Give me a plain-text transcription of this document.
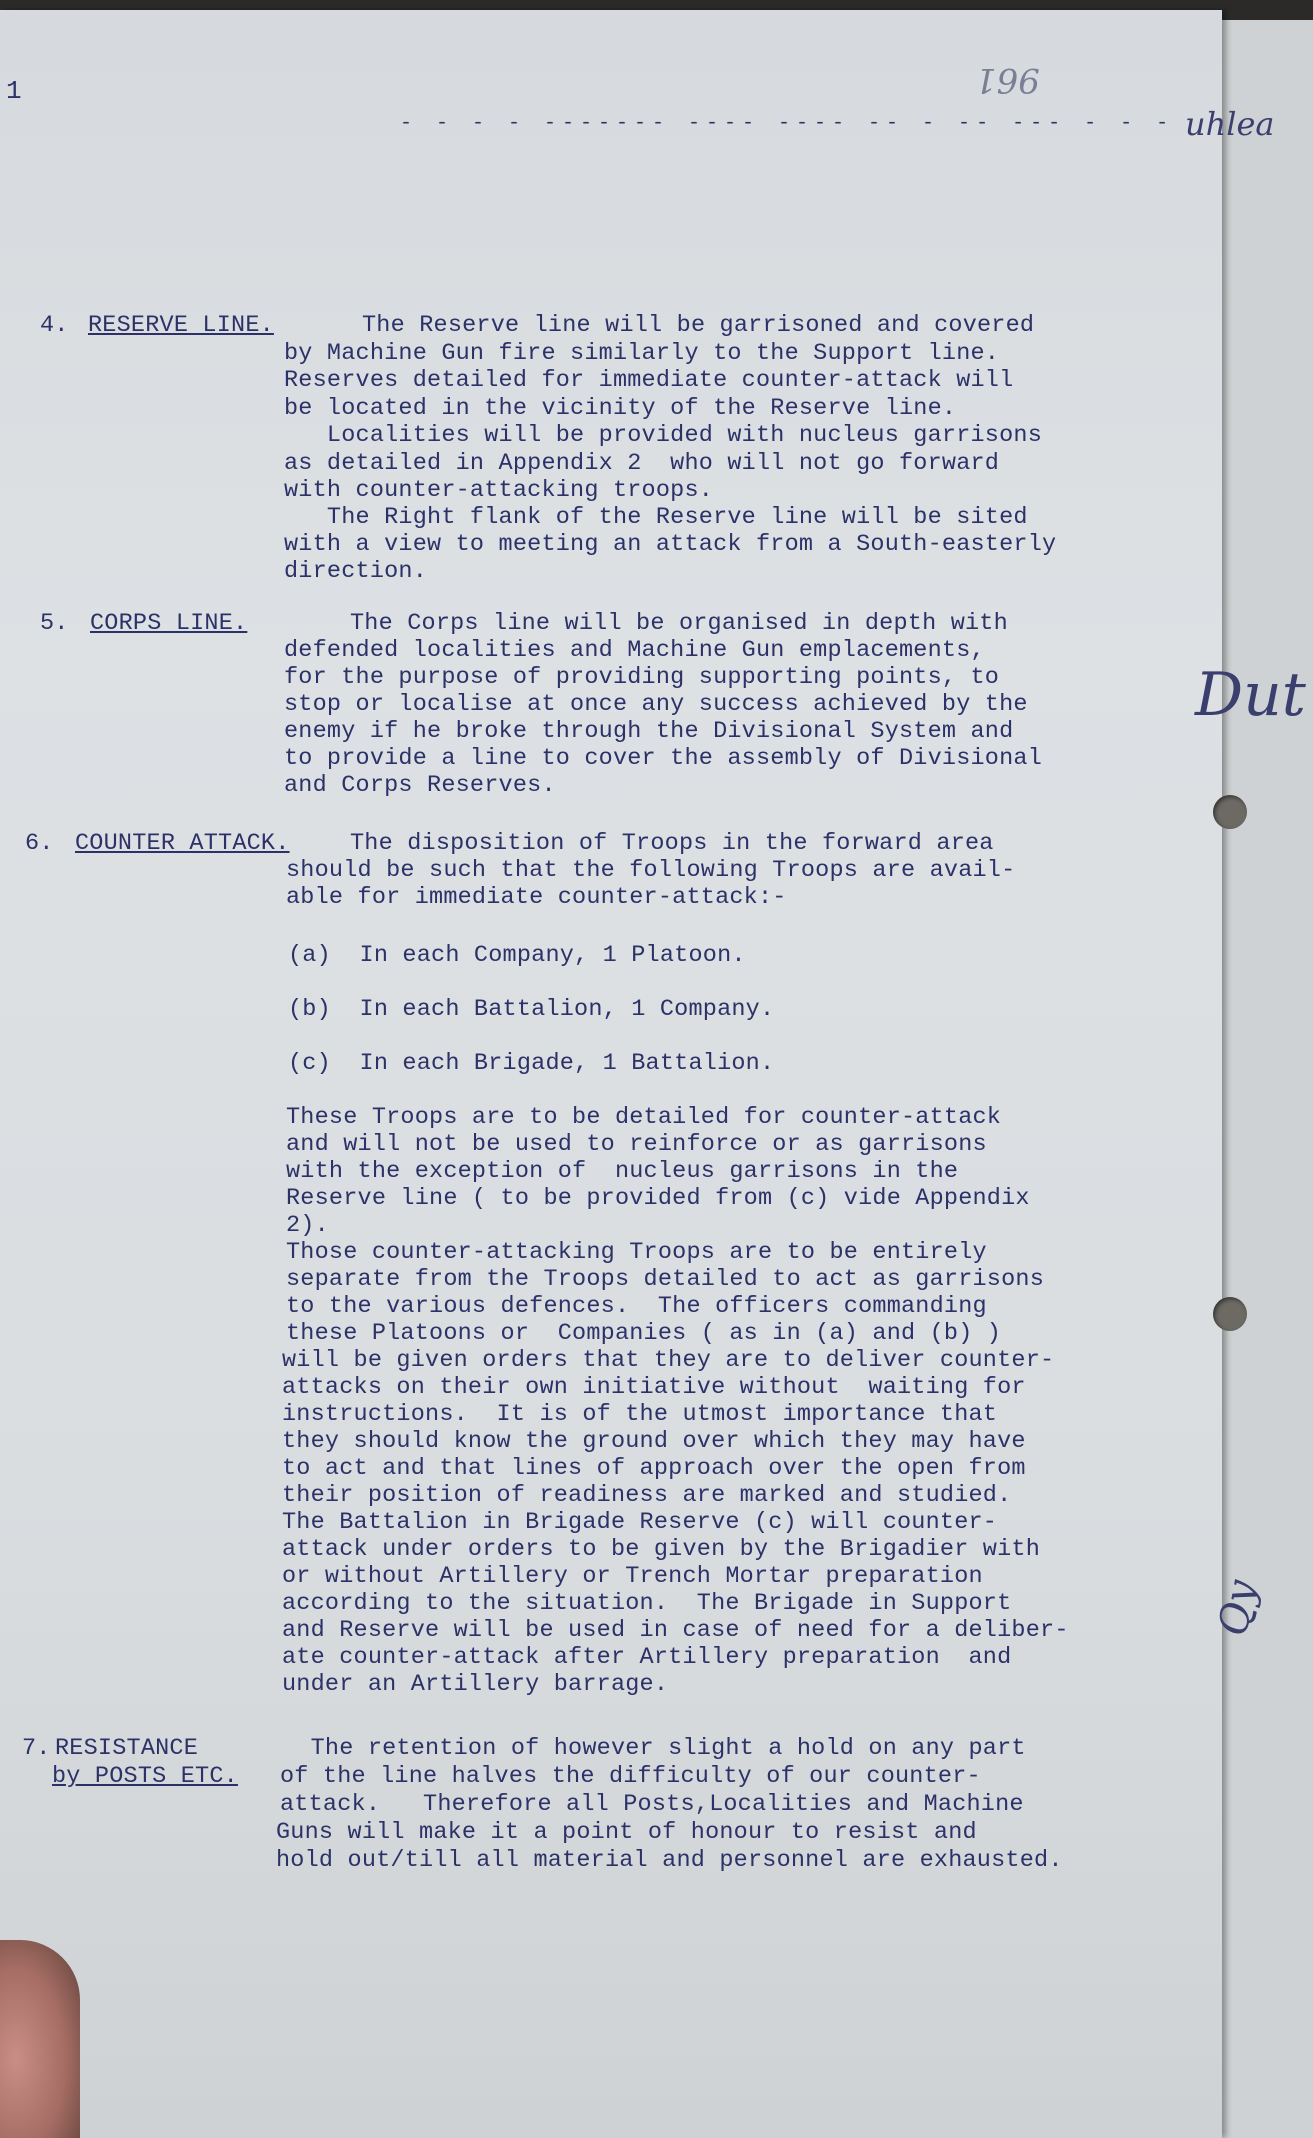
1	961
- - - - ------- ---- ---- -- - -- --- - - - uhlea
Dut
Qy
4. RESERVE LINE.	The Reserve line will be garrisoned and covered
by Machine Gun fire similarly to the Support line.
Reserves detailed for immediate counter-attack will
be located in the vicinity of the Reserve line.
Localities will be provided with nucleus garrisons
as detailed in Appendix 2  who will not go forward
with counter-attacking troops.
The Right flank of the Reserve line will be sited
with a view to meeting an attack from a South-easterly
direction.
5. CORPS LINE.	The Corps line will be organised in depth with
defended localities and Machine Gun emplacements,
for the purpose of providing supporting points, to
stop or localise at once any success achieved by the
enemy if he broke through the Divisional System and
to provide a line to cover the assembly of Divisional
and Corps Reserves.
6. COUNTER ATTACK.	The disposition of Troops in the forward area
should be such that the following Troops are avail-
able for immediate counter-attack:-
(a)  In each Company, 1 Platoon.
(b)  In each Battalion, 1 Company.
(c)  In each Brigade, 1 Battalion.
These Troops are to be detailed for counter-attack
and will not be used to reinforce or as garrisons
with the exception of  nucleus garrisons in the
Reserve line ( to be provided from (c) vide Appendix
2).
Those counter-attacking Troops are to be entirely
separate from the Troops detailed to act as garrisons
to the various defences.  The officers commanding
these Platoons or  Companies ( as in (a) and (b) )
will be given orders that they are to deliver counter-
attacks on their own initiative without  waiting for
instructions.  It is of the utmost importance that
they should know the ground over which they may have
to act and that lines of approach over the open from
their position of readiness are marked and studied.
The Battalion in Brigade Reserve (c) will counter-
attack under orders to be given by the Brigadier with
or without Artillery or Trench Mortar preparation
according to the situation.  The Brigade in Support
and Reserve will be used in case of need for a deliber-
ate counter-attack after Artillery preparation  and
under an Artillery barrage.
7. RESISTANCE
by POSTS ETC.
The retention of however slight a hold on any part
of the line halves the difficulty of our counter-
attack.   Therefore all Posts,Localities and Machine
Guns will make it a point of honour to resist and
hold out/till all material and personnel are exhausted.
